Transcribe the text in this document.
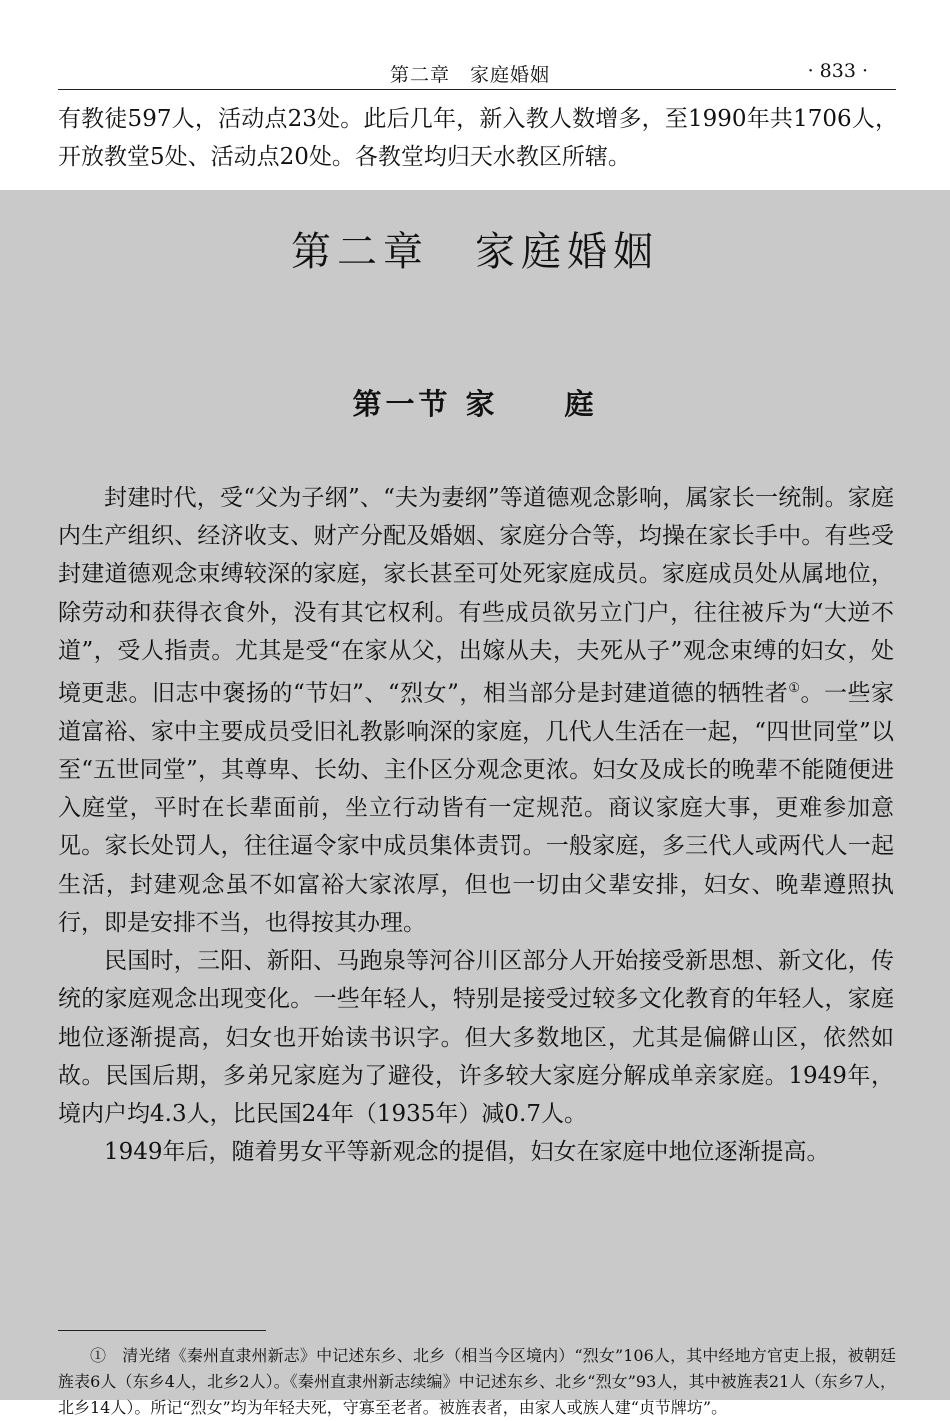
第二章　家庭婚姻	· 833 ·

有教徒597人，活动点23处。此后几年，新入教人数增多，至1990年共1706人，开放教堂5处、活动点20处。各教堂均归天水教区所辖。

第二章　家庭婚姻
第一节 家　　庭

封建时代，受“父为子纲”、“夫为妻纲”等道德观念影响，属家长一统制。家庭内生产组织、经济收支、财产分配及婚姻、家庭分合等，均操在家长手中。有些受封建道德观念束缚较深的家庭，家长甚至可处死家庭成员。家庭成员处从属地位，除劳动和获得衣食外，没有其它权利。有些成员欲另立门户，往往被斥为“大逆不道”，受人指责。尤其是受“在家从父，出嫁从夫，夫死从子”观念束缚的妇女，处境更悲。旧志中褒扬的“节妇”、“烈女”，相当部分是封建道德的牺牲者①。一些家道富裕、家中主要成员受旧礼教影响深的家庭，几代人生活在一起，“四世同堂”以至“五世同堂”，其尊卑、长幼、主仆区分观念更浓。妇女及成长的晚辈不能随便进入庭堂，平时在长辈面前，坐立行动皆有一定规范。商议家庭大事，更难参加意见。家长处罚人，往往逼令家中成员集体责罚。一般家庭，多三代人或两代人一起生活，封建观念虽不如富裕大家浓厚，但也一切由父辈安排，妇女、晚辈遵照执行，即是安排不当，也得按其办理。

民国时，三阳、新阳、马跑泉等河谷川区部分人开始接受新思想、新文化，传统的家庭观念出现变化。一些年轻人，特别是接受过较多文化教育的年轻人，家庭地位逐渐提高，妇女也开始读书识字。但大多数地区，尤其是偏僻山区，依然如故。民国后期，多弟兄家庭为了避役，许多较大家庭分解成单亲家庭。1949年，境内户均4.3人，比民国24年（1935年）减0.7人。

1949年后，随着男女平等新观念的提倡，妇女在家庭中地位逐渐提高。

①　清光绪《秦州直隶州新志》中记述东乡、北乡（相当今区境内）“烈女”106人，其中经地方官吏上报，被朝廷旌表6人（东乡4人，北乡2人）。《秦州直隶州新志续编》中记述东乡、北乡“烈女”93人，其中被旌表21人（东乡7人，北乡14人）。所记“烈女”均为年轻夫死，守寡至老者。被旌表者，由家人或族人建“贞节牌坊”。
